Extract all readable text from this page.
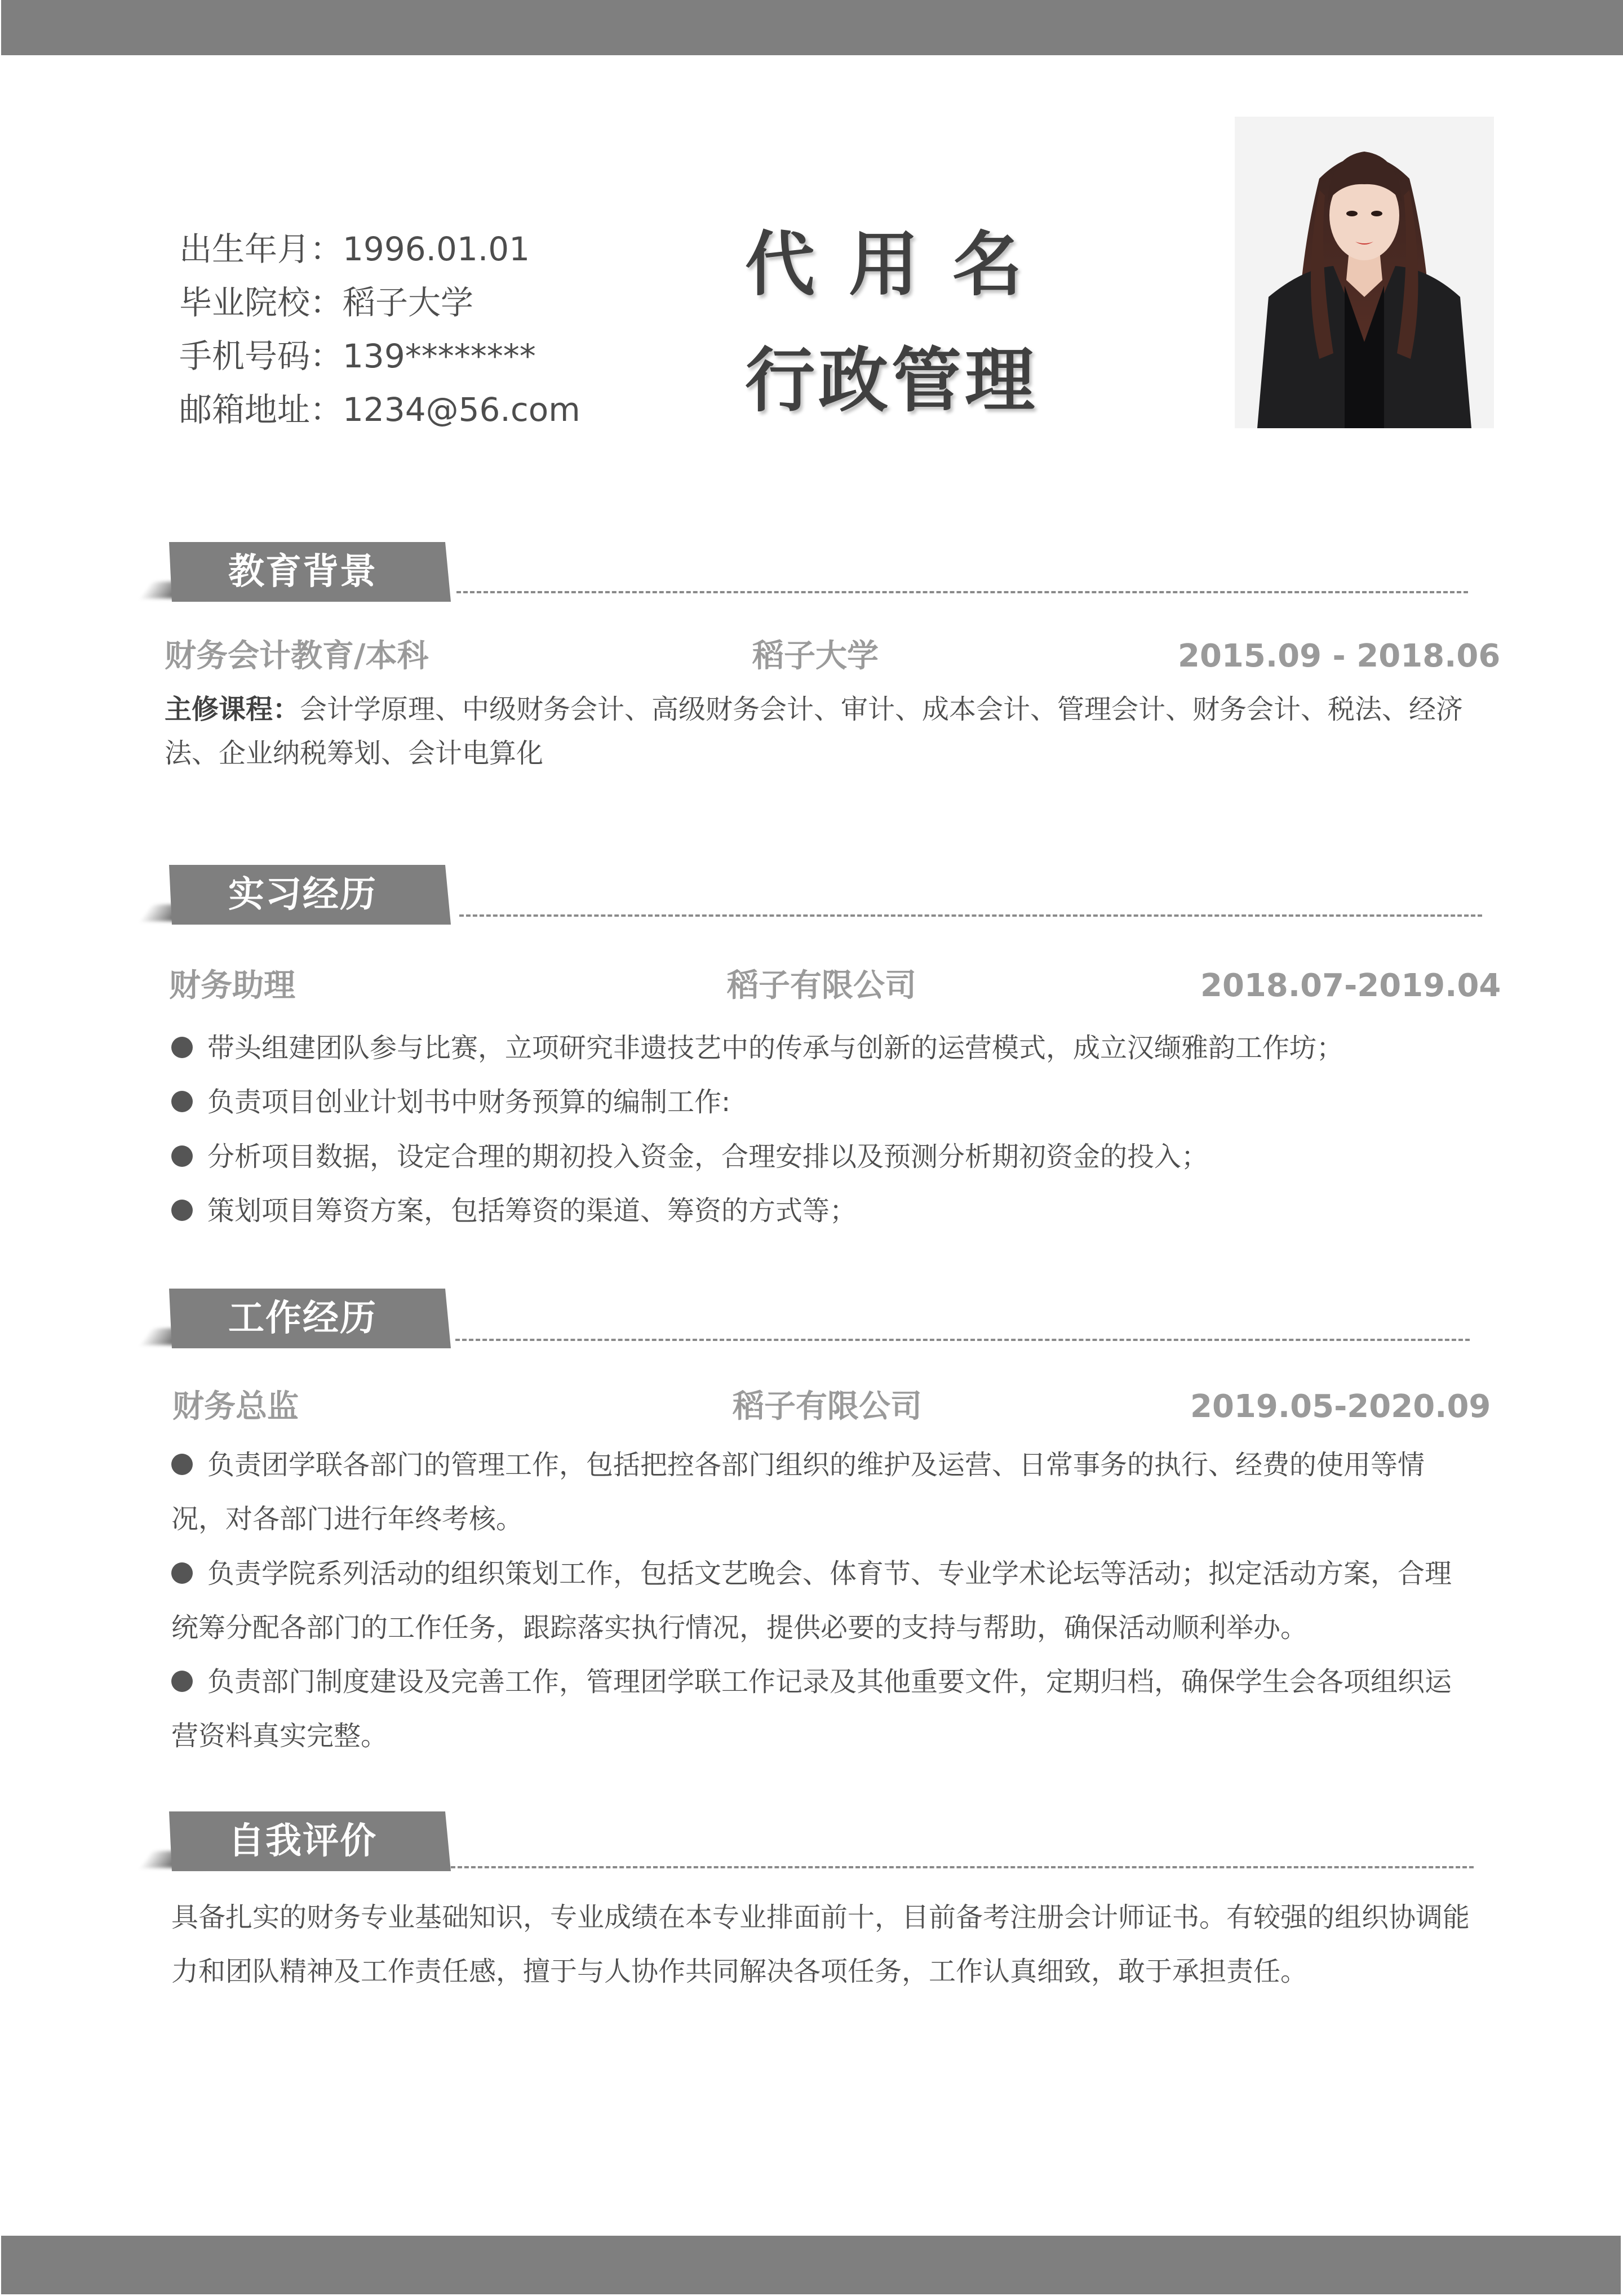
出生年月：1996.01.01
毕业院校：稻子大学
手机号码：139********
邮箱地址：1234@56.com
代用名
行政管理
教育背景
财务会计教育/本科	稻子大学	2015.09 - 2018.06
主修课程：会计学原理、中级财务会计、高级财务会计、审计、成本会计、管理会计、财务会计、税法、经济法、企业纳税筹划、会计电算化
实习经历
财务助理	稻子有限公司	2018.07-2019.04
带头组建团队参与比赛，立项研究非遗技艺中的传承与创新的运营模式，成立汉缬雅韵工作坊；
负责项目创业计划书中财务预算的编制工作:
分析项目数据，设定合理的期初投入资金，合理安排以及预测分析期初资金的投入；
策划项目筹资方案，包括筹资的渠道、筹资的方式等；
工作经历
财务总监	稻子有限公司	2019.05-2020.09
负责团学联各部门的管理工作，包括把控各部门组织的维护及运营、日常事务的执行、经费的使用等情况，对各部门进行年终考核。
负责学院系列活动的组织策划工作，包括文艺晚会、体育节、专业学术论坛等活动；拟定活动方案，合理统筹分配各部门的工作任务，跟踪落实执行情况，提供必要的支持与帮助，确保活动顺利举办。
负责部门制度建设及完善工作，管理团学联工作记录及其他重要文件，定期归档，确保学生会各项组织运营资料真实完整。
自我评价
具备扎实的财务专业基础知识，专业成绩在本专业排面前十，目前备考注册会计师证书。有较强的组织协调能力和团队精神及工作责任感，擅于与人协作共同解决各项任务，工作认真细致，敢于承担责任。
